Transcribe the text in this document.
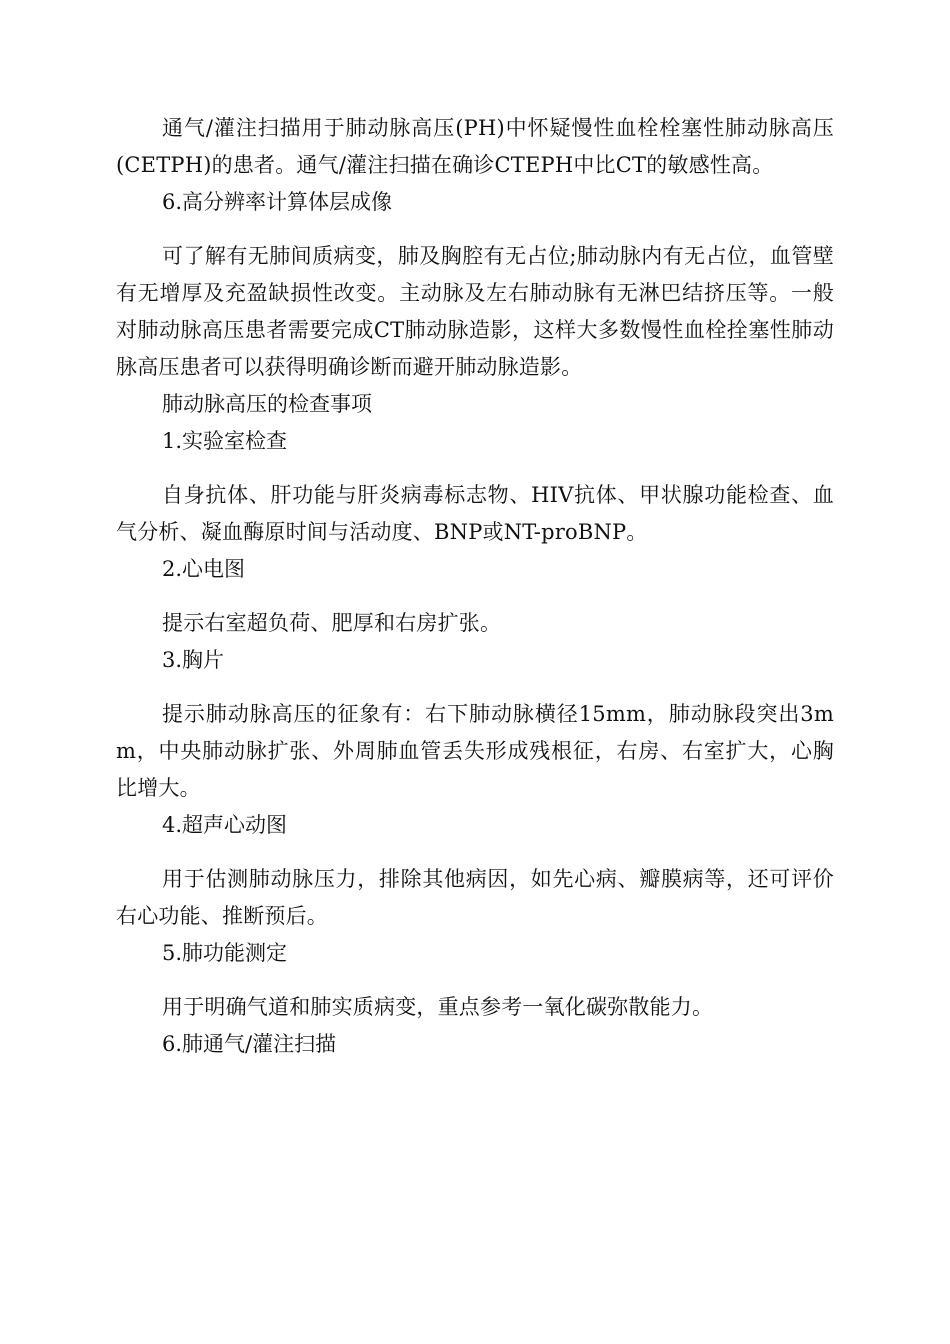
通气/灌注扫描用于肺动脉高压(PH)中怀疑慢性血栓栓塞性肺动脉高压(CETPH)的患者。通气/灌注扫描在确诊CTEPH中比CT的敏感性高。

6.高分辨率计算体层成像

可了解有无肺间质病变，肺及胸腔有无占位;肺动脉内有无占位，血管壁有无增厚及充盈缺损性改变。主动脉及左右肺动脉有无淋巴结挤压等。一般对肺动脉高压患者需要完成CT肺动脉造影，这样大多数慢性血栓拴塞性肺动脉高压患者可以获得明确诊断而避开肺动脉造影。

肺动脉高压的检查事项

1.实验室检查

自身抗体、肝功能与肝炎病毒标志物、HIV抗体、甲状腺功能检查、血气分析、凝血酶原时间与活动度、BNP或NT-proBNP。

2.心电图

提示右室超负荷、肥厚和右房扩张。

3.胸片

提示肺动脉高压的征象有：右下肺动脉横径15mm，肺动脉段突出3mm，中央肺动脉扩张、外周肺血管丢失形成残根征，右房、右室扩大，心胸比增大。

4.超声心动图

用于估测肺动脉压力，排除其他病因，如先心病、瓣膜病等，还可评价右心功能、推断预后。

5.肺功能测定

用于明确气道和肺实质病变，重点参考一氧化碳弥散能力。

6.肺通气/灌注扫描
